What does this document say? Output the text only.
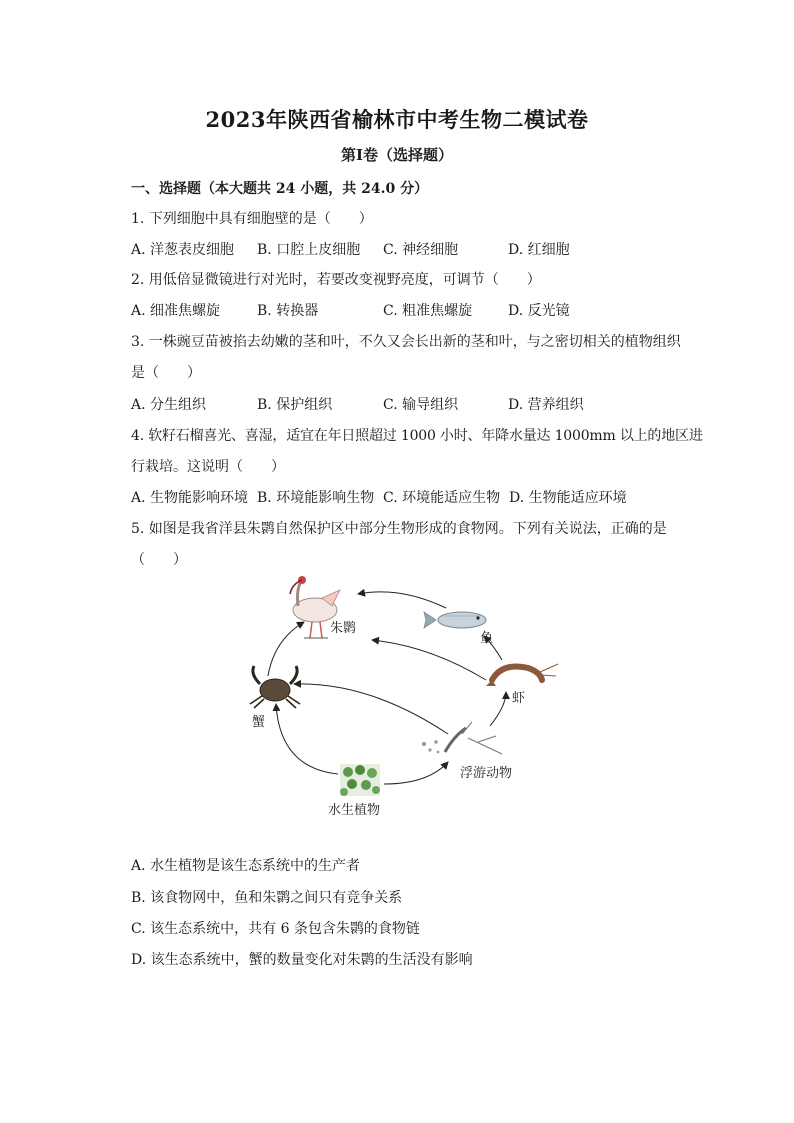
2023年陕西省榆林市中考生物二模试卷
第Ⅰ卷（选择题）
一、选择题（本大题共 24 小题，共 24.0 分）
1. 下列细胞中具有细胞壁的是（　　）
A. 洋葱表皮细胞 B. 口腔上皮细胞 C. 神经细胞	D. 红细胞
2. 用低倍显微镜进行对光时，若要改变视野亮度，可调节（　　）
A. 细准焦螺旋	B. 转换器	C. 粗准焦螺旋	D. 反光镜
3. 一株豌豆苗被掐去幼嫩的茎和叶，不久又会长出新的茎和叶，与之密切相关的植物组织
是（　　）
A. 分生组织	B. 保护组织	C. 输导组织	D. 营养组织
4. 软籽石榴喜光、喜湿，适宜在年日照超过 1000 小时、年降水量达 1000mm 以上的地区进
行栽培。这说明（　　）
A. 生物能影响环境 B. 环境能影响生物 C. 环境能适应生物 D. 生物能适应环境
5. 如图是我省洋县朱鹮自然保护区中部分生物形成的食物网。下列有关说法，正确的是
（　　）
朱鹮
鱼
虾
蟹
浮游动物
水生植物
A. 水生植物是该生态系统中的生产者
B. 该食物网中，鱼和朱鹮之间只有竞争关系
C. 该生态系统中，共有 6 条包含朱鹮的食物链
D. 该生态系统中，蟹的数量变化对朱鹮的生活没有影响
